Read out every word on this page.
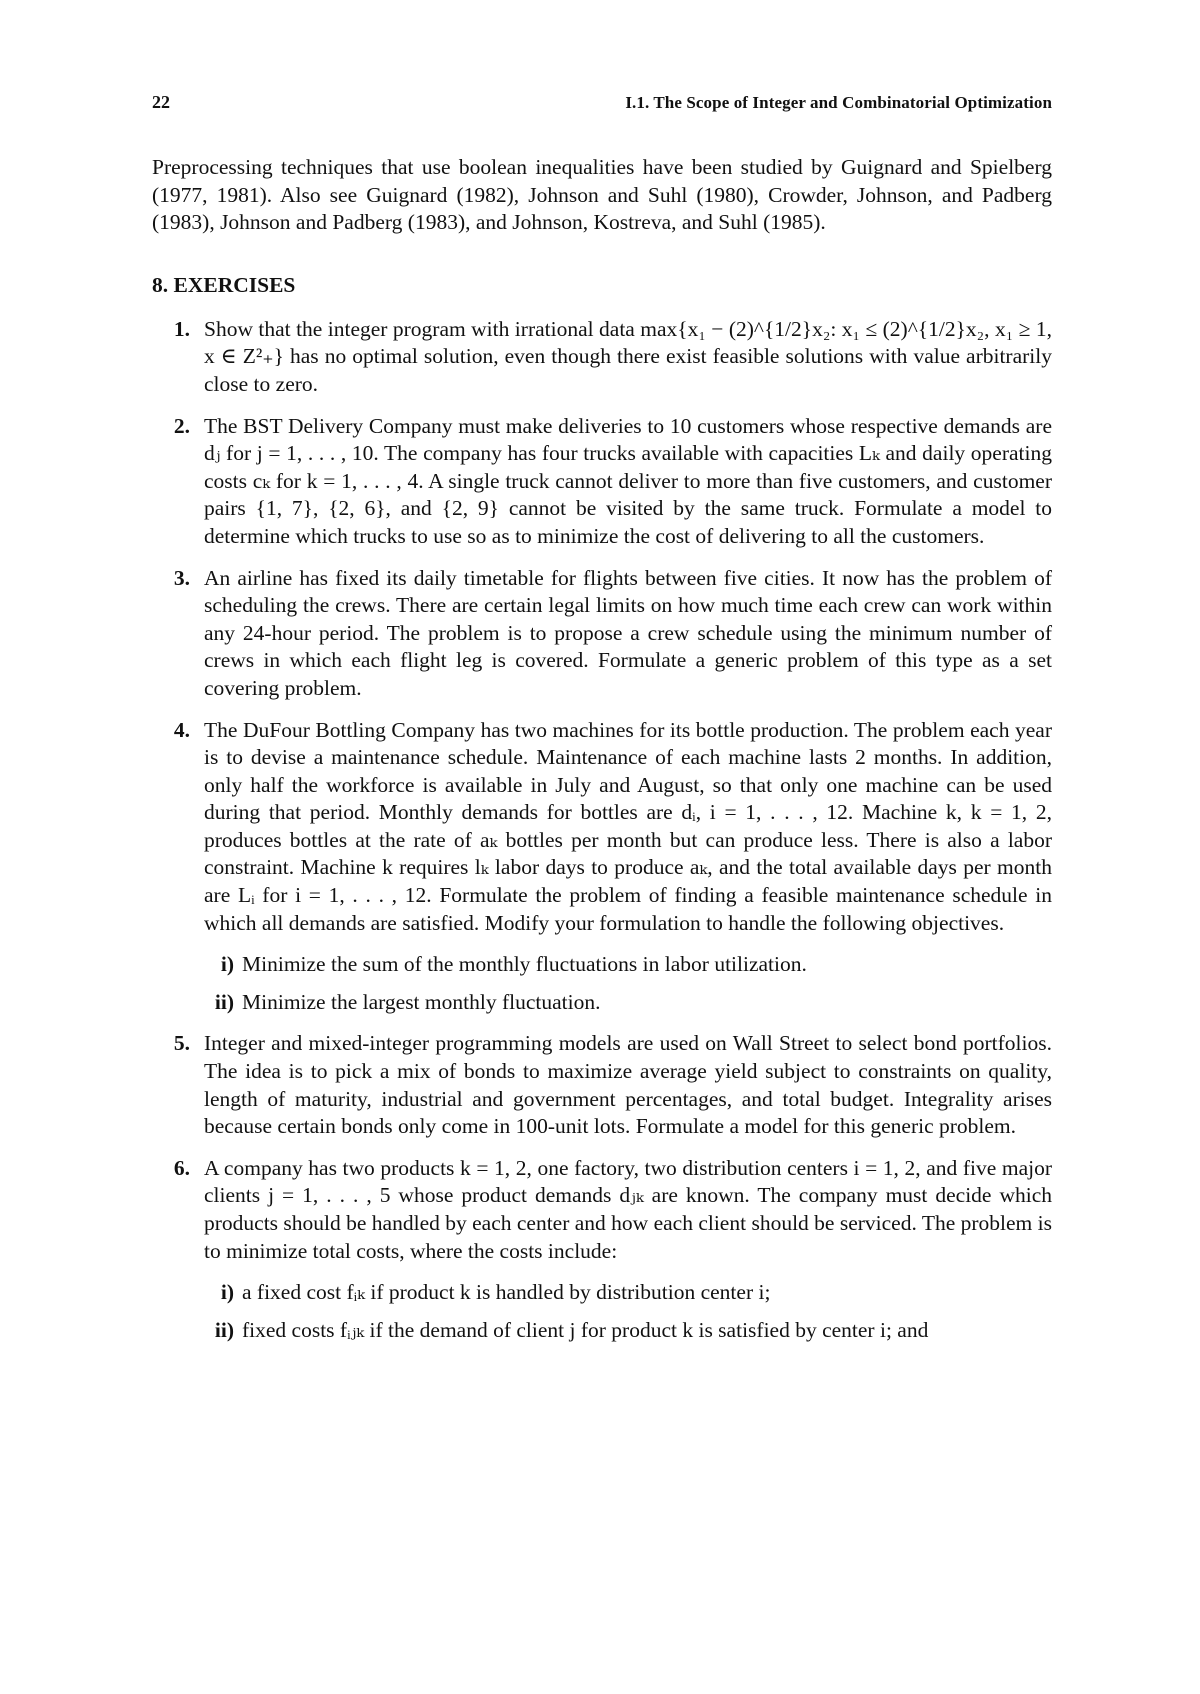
22	I.1. The Scope of Integer and Combinatorial Optimization
Preprocessing techniques that use boolean inequalities have been studied by Guignard and Spielberg (1977, 1981). Also see Guignard (1982), Johnson and Suhl (1980), Crowder, Johnson, and Padberg (1983), Johnson and Padberg (1983), and Johnson, Kostreva, and Suhl (1985).
8. EXERCISES
1. Show that the integer program with irrational data max{x₁ − (2)^{1/2}x₂: x₁ ≤ (2)^{1/2}x₂, x₁ ≥ 1, x ∈ Z²₊} has no optimal solution, even though there exist feasible solutions with value arbitrarily close to zero.
2. The BST Delivery Company must make deliveries to 10 customers whose respective demands are dⱼ for j = 1, . . . , 10. The company has four trucks available with capacities Lₖ and daily operating costs cₖ for k = 1, . . . , 4. A single truck cannot deliver to more than five customers, and customer pairs {1, 7}, {2, 6}, and {2, 9} cannot be visited by the same truck. Formulate a model to determine which trucks to use so as to minimize the cost of delivering to all the customers.
3. An airline has fixed its daily timetable for flights between five cities. It now has the problem of scheduling the crews. There are certain legal limits on how much time each crew can work within any 24-hour period. The problem is to propose a crew schedule using the minimum number of crews in which each flight leg is covered. Formulate a generic problem of this type as a set covering problem.
4. The DuFour Bottling Company has two machines for its bottle production. The problem each year is to devise a maintenance schedule. Maintenance of each machine lasts 2 months. In addition, only half the workforce is available in July and August, so that only one machine can be used during that period. Monthly demands for bottles are dᵢ, i = 1, . . . , 12. Machine k, k = 1, 2, produces bottles at the rate of aₖ bottles per month but can produce less. There is also a labor constraint. Machine k requires lₖ labor days to produce aₖ, and the total available days per month are Lᵢ for i = 1, . . . , 12. Formulate the problem of finding a feasible maintenance schedule in which all demands are satisfied. Modify your formulation to handle the following objectives.
i) Minimize the sum of the monthly fluctuations in labor utilization.
ii) Minimize the largest monthly fluctuation.
5. Integer and mixed-integer programming models are used on Wall Street to select bond portfolios. The idea is to pick a mix of bonds to maximize average yield subject to constraints on quality, length of maturity, industrial and government percentages, and total budget. Integrality arises because certain bonds only come in 100-unit lots. Formulate a model for this generic problem.
6. A company has two products k = 1, 2, one factory, two distribution centers i = 1, 2, and five major clients j = 1, . . . , 5 whose product demands dⱼₖ are known. The company must decide which products should be handled by each center and how each client should be serviced. The problem is to minimize total costs, where the costs include:
i) a fixed cost fᵢₖ if product k is handled by distribution center i;
ii) fixed costs fᵢⱼₖ if the demand of client j for product k is satisfied by center i; and
